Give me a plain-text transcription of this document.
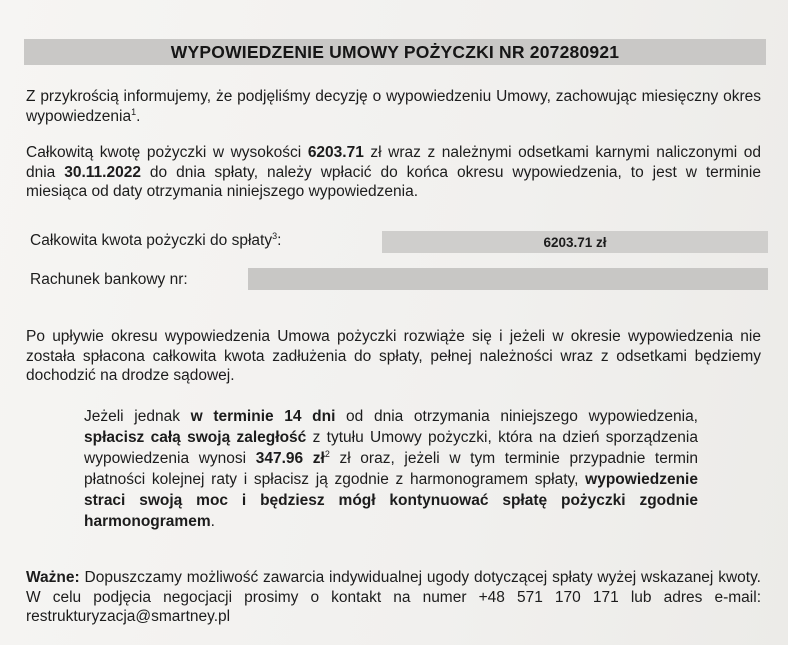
WYPOWIEDZENIE UMOWY POŻYCZKI NR 207280921
Z przykrością informujemy, że podjęliśmy decyzję o wypowiedzeniu Umowy, zachowując miesięczny okres wypowiedzenia$^1$.
Całkowitą kwotę pożyczki w wysokości 6203.71 zł wraz z należnymi odsetkami karnymi naliczonymi od dnia 30.11.2022 do dnia spłaty, należy wpłacić do końca okresu wypowiedzenia, to jest w terminie miesiąca od daty otrzymania niniejszego wypowiedzenia.
Całkowita kwota pożyczki do spłaty$^3$:	6203.71 zł
Rachunek bankowy nr:
Po upływie okresu wypowiedzenia Umowa pożyczki rozwiąże się i jeżeli w okresie wypowiedzenia nie została spłacona całkowita kwota zadłużenia do spłaty, pełnej należności wraz z odsetkami będziemy dochodzić na drodze sądowej.
Jeżeli jednak w terminie 14 dni od dnia otrzymania niniejszego wypowiedzenia, spłacisz całą swoją zaległość z tytułu Umowy pożyczki, która na dzień sporządzenia wypowiedzenia wynosi 347.96 $zł^2$ zł oraz, jeżeli w tym terminie przypadnie termin płatności kolejnej raty i spłacisz ją zgodnie z harmonogramem spłaty, wypowiedzenie straci swoją moc i będziesz mógł kontynuować spłatę pożyczki zgodnie harmonogramem.
Ważne: Dopuszczamy możliwość zawarcia indywidualnej ugody dotyczącej spłaty wyżej wskazanej kwoty. W celu podjęcia negocjacji prosimy o kontakt na numer +48 571 170 171 lub adres e-mail: restrukturyzacja@smartney.pl
